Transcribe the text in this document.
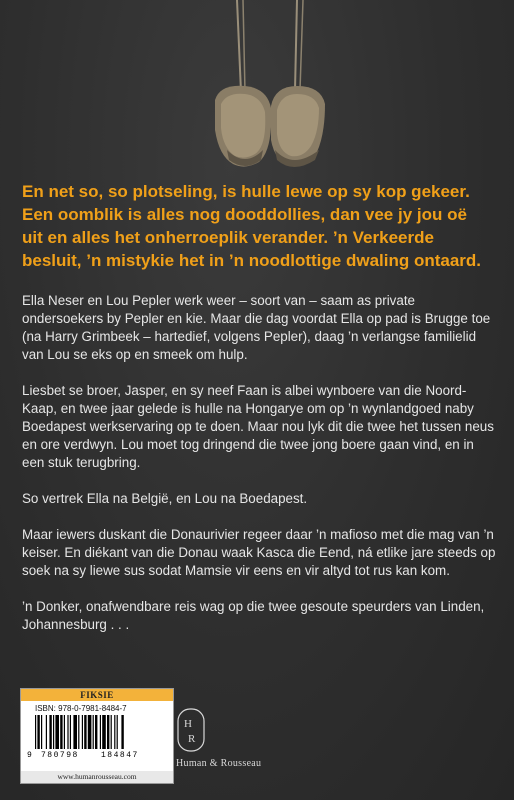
En net so, so plotseling, is hulle lewe op sy kop gekeer. Een oomblik is alles nog dooddollies, dan vee jy jou oë uit en alles het onherroeplik verander. ’n Verkeerde besluit, ’n mistykie het in ’n noodlottige dwaling ontaard.

Ella Neser en Lou Pepler werk weer – soort van – saam as private ondersoekers by Pepler en kie. Maar die dag voordat Ella op pad is Brugge toe (na Harry Grimbeek – hartedief, volgens Pepler), daag ’n verlangse familielid van Lou se eks op en smeek om hulp.

Liesbet se broer, Jasper, en sy neef Faan is albei wynboere van die Noord-Kaap, en twee jaar gelede is hulle na Hongarye om op ’n wynlandgoed naby Boedapest werkservaring op te doen. Maar nou lyk dit die twee het tussen neus en ore verdwyn. Lou moet tog dringend die twee jong boere gaan vind, en in een stuk terugbring.

So vertrek Ella na België, en Lou na Boedapest.

Maar iewers duskant die Donaurivier regeer daar ’n mafioso met die mag van ’n keiser. En diékant van die Donau waak Kasca die Eend, ná etlike jare steeds op soek na sy liewe sus sodat Mamsie vir eens en vir altyd tot rus kan kom.

’n Donker, onafwendbare reis wag op die twee gesoute speurders van Linden, Johannesburg . . .

FIKSIE
ISBN: 978-0-7981-8484-7
9 780798	184847
www.humanrousseau.com
H
R
Human & Rousseau
